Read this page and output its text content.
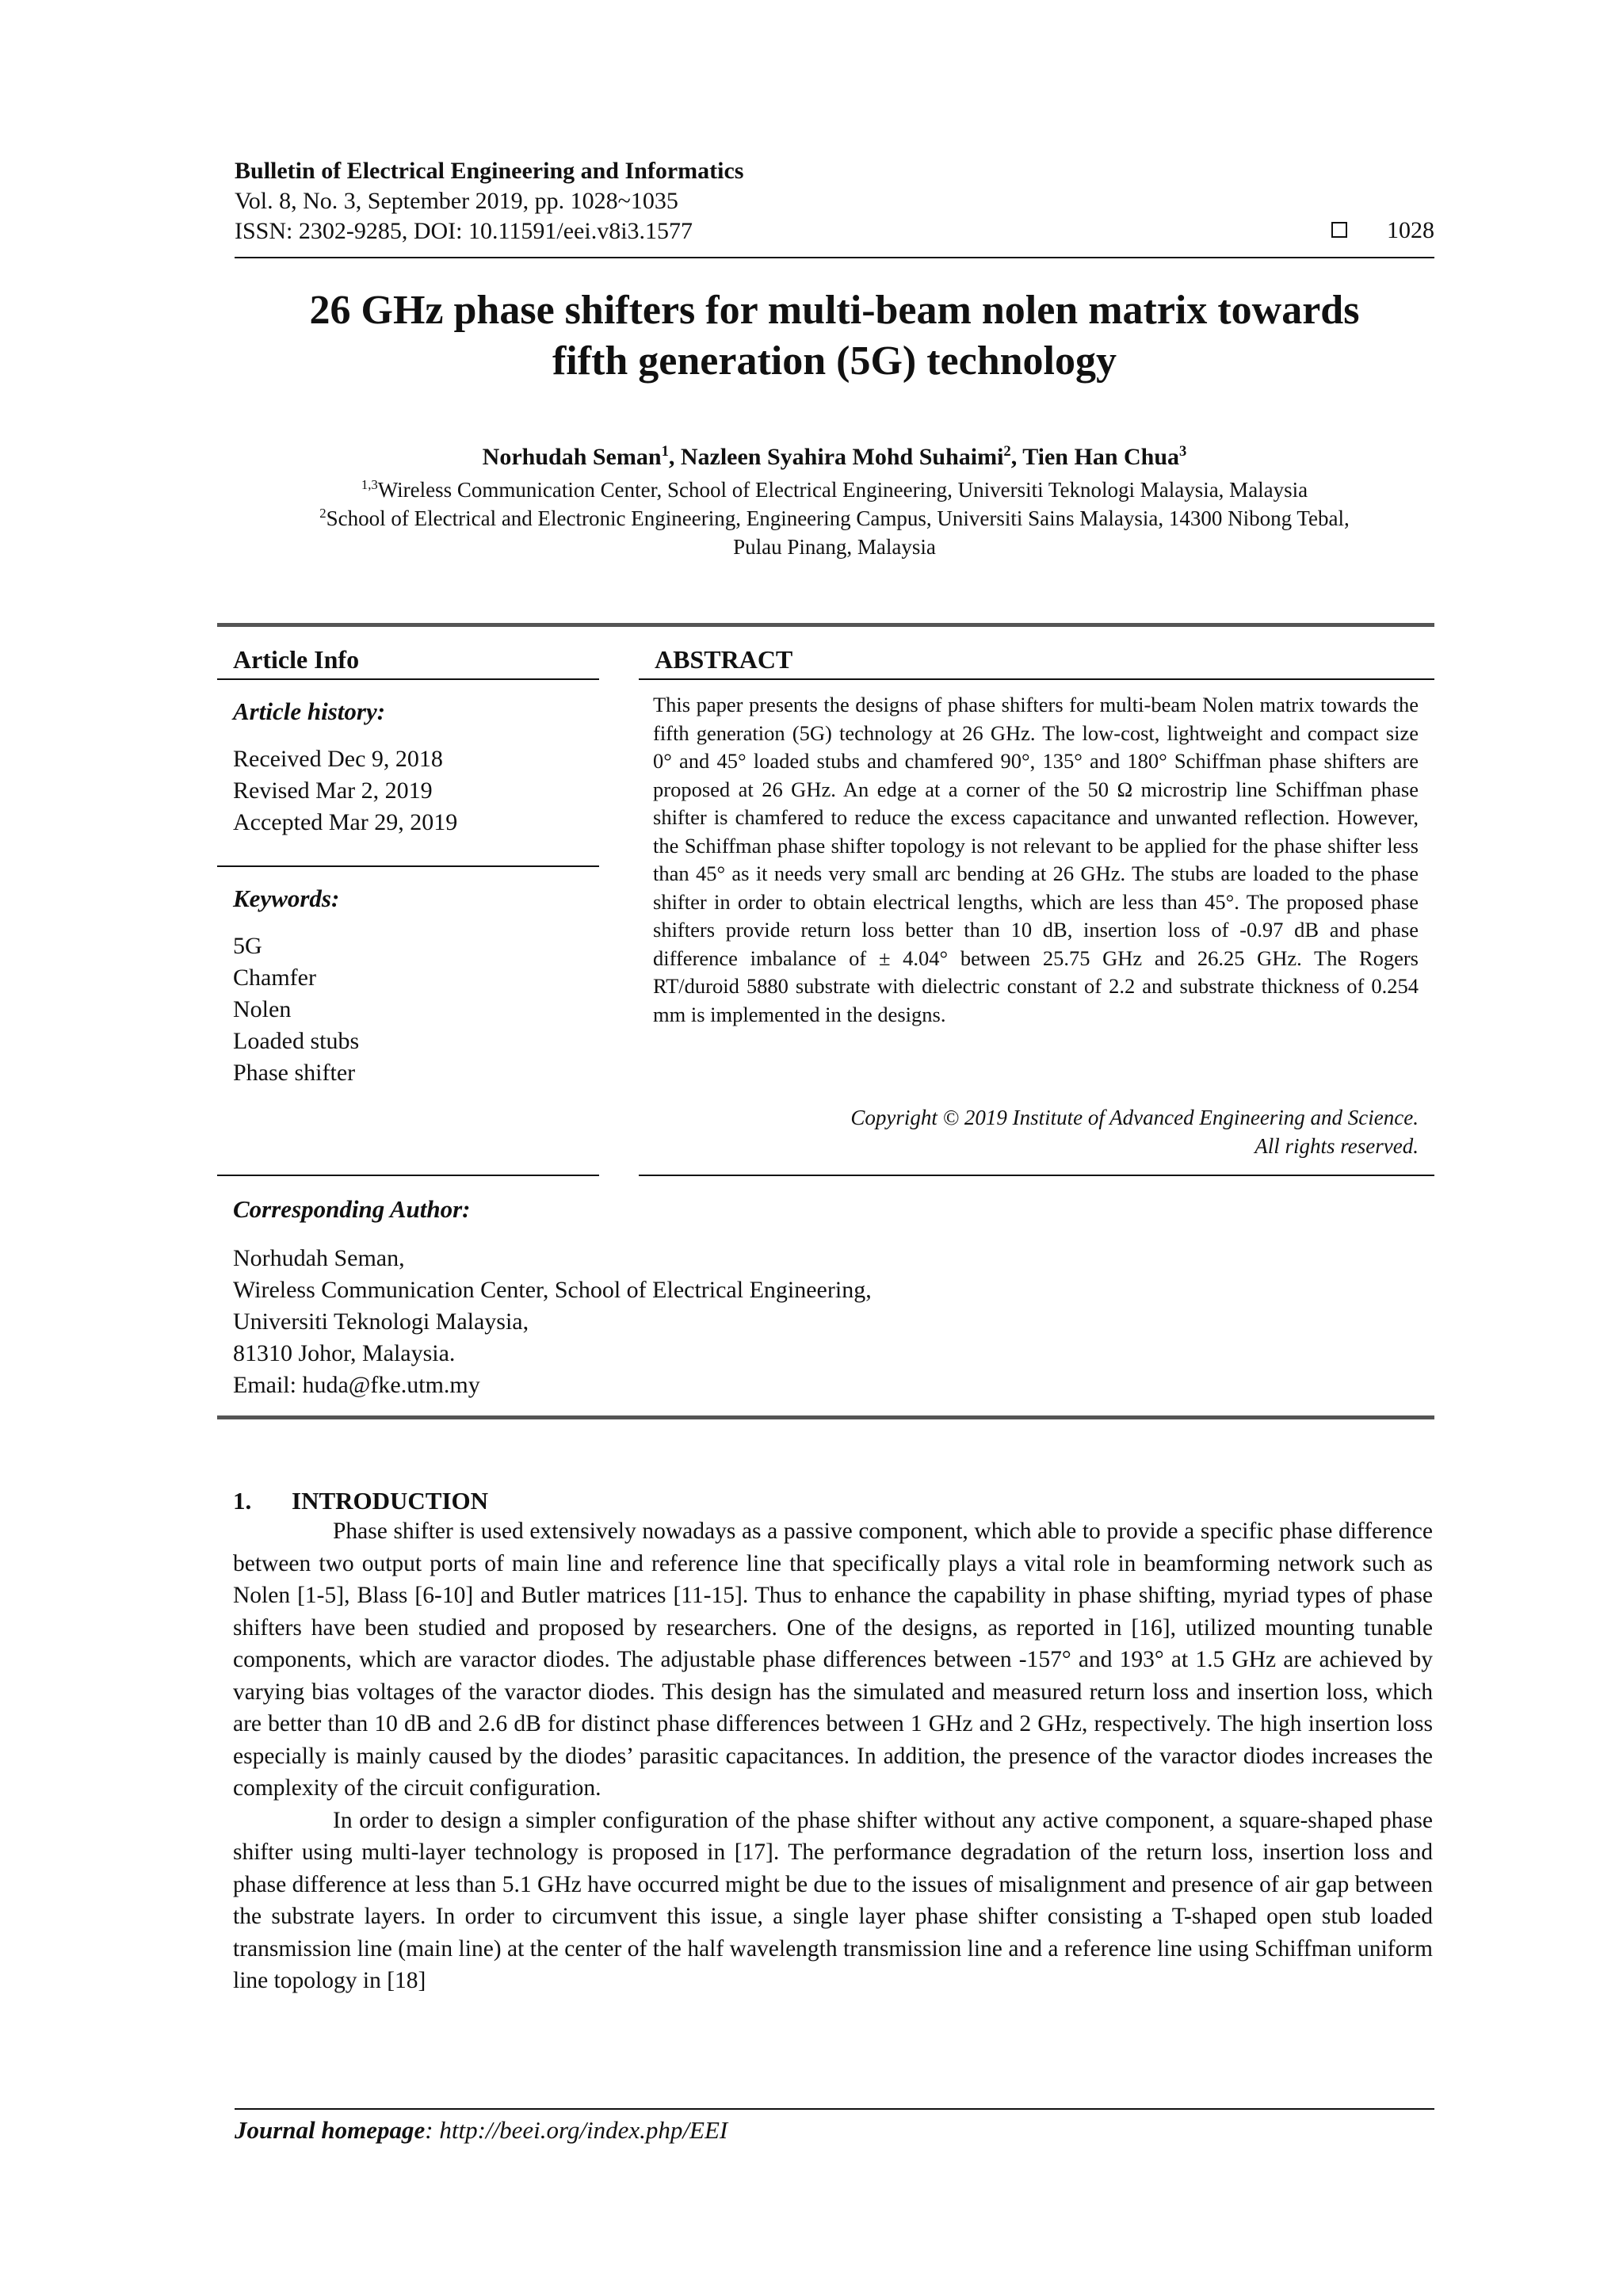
Bulletin of Electrical Engineering and Informatics
Vol. 8, No. 3, September 2019, pp. 1028~1035
ISSN: 2302-9285, DOI: 10.11591/eei.v8i3.1577	1028
26 GHz phase shifters for multi-beam nolen matrix towards
fifth generation (5G) technology
Norhudah Seman$^1$, Nazleen Syahira Mohd Suhaimi$^2$, Tien Han Chua$^3$
$^{1,3}$Wireless Communication Center, School of Electrical Engineering, Universiti Teknologi Malaysia, Malaysia
$^2$School of Electrical and Electronic Engineering, Engineering Campus, Universiti Sains Malaysia, 14300 Nibong Tebal,
Pulau Pinang, Malaysia
Article Info	ABSTRACT
Article history:
Received Dec 9, 2018
Revised Mar 2, 2019
Accepted Mar 29, 2019
Keywords:
5G
Chamfer
Nolen
Loaded stubs
Phase shifter
This paper presents the designs of phase shifters for multi-beam Nolen matrix towards the fifth generation (5G) technology at 26 GHz. The low-cost, lightweight and compact size 0° and 45° loaded stubs and chamfered 90°, 135° and 180° Schiffman phase shifters are proposed at 26 GHz. An edge at a corner of the 50 Ω microstrip line Schiffman phase shifter is chamfered to reduce the excess capacitance and unwanted reflection. However, the Schiffman phase shifter topology is not relevant to be applied for the phase shifter less than 45° as it needs very small arc bending at 26 GHz. The stubs are loaded to the phase shifter in order to obtain electrical lengths, which are less than 45°. The proposed phase shifters provide return loss better than 10 dB, insertion loss of -0.97 dB and phase difference imbalance of ± 4.04° between 25.75 GHz and 26.25 GHz. The Rogers RT/duroid 5880 substrate with dielectric constant of 2.2 and substrate thickness of 0.254 mm is implemented in the designs.
Copyright © 2019 Institute of Advanced Engineering and Science.
All rights reserved.
Corresponding Author:
Norhudah Seman,
Wireless Communication Center, School of Electrical Engineering,
Universiti Teknologi Malaysia,
81310 Johor, Malaysia.
Email: huda@fke.utm.my
1. INTRODUCTION

Phase shifter is used extensively nowadays as a passive component, which able to provide a specific phase difference between two output ports of main line and reference line that specifically plays a vital role in beamforming network such as Nolen [1-5], Blass [6-10] and Butler matrices [11-15]. Thus to enhance the capability in phase shifting, myriad types of phase shifters have been studied and proposed by researchers. One of the designs, as reported in [16], utilized mounting tunable components, which are varactor diodes. The adjustable phase differences between -157° and 193° at 1.5 GHz are achieved by varying bias voltages of the varactor diodes. This design has the simulated and measured return loss and insertion loss, which are better than 10 dB and 2.6 dB for distinct phase differences between 1 GHz and 2 GHz, respectively. The high insertion loss especially is mainly caused by the diodes’ parasitic capacitances. In addition, the presence of the varactor diodes increases the complexity of the circuit configuration.

In order to design a simpler configuration of the phase shifter without any active component, a square-shaped phase shifter using multi-layer technology is proposed in [17]. The performance degradation of the return loss, insertion loss and phase difference at less than 5.1 GHz have occurred might be due to the issues of misalignment and presence of air gap between the substrate layers. In order to circumvent this issue, a single layer phase shifter consisting a T-shaped open stub loaded transmission line (main line) at the center of the half wavelength transmission line and a reference line using Schiffman uniform line topology in [18]

Journal homepage: http://beei.org/index.php/EEI
